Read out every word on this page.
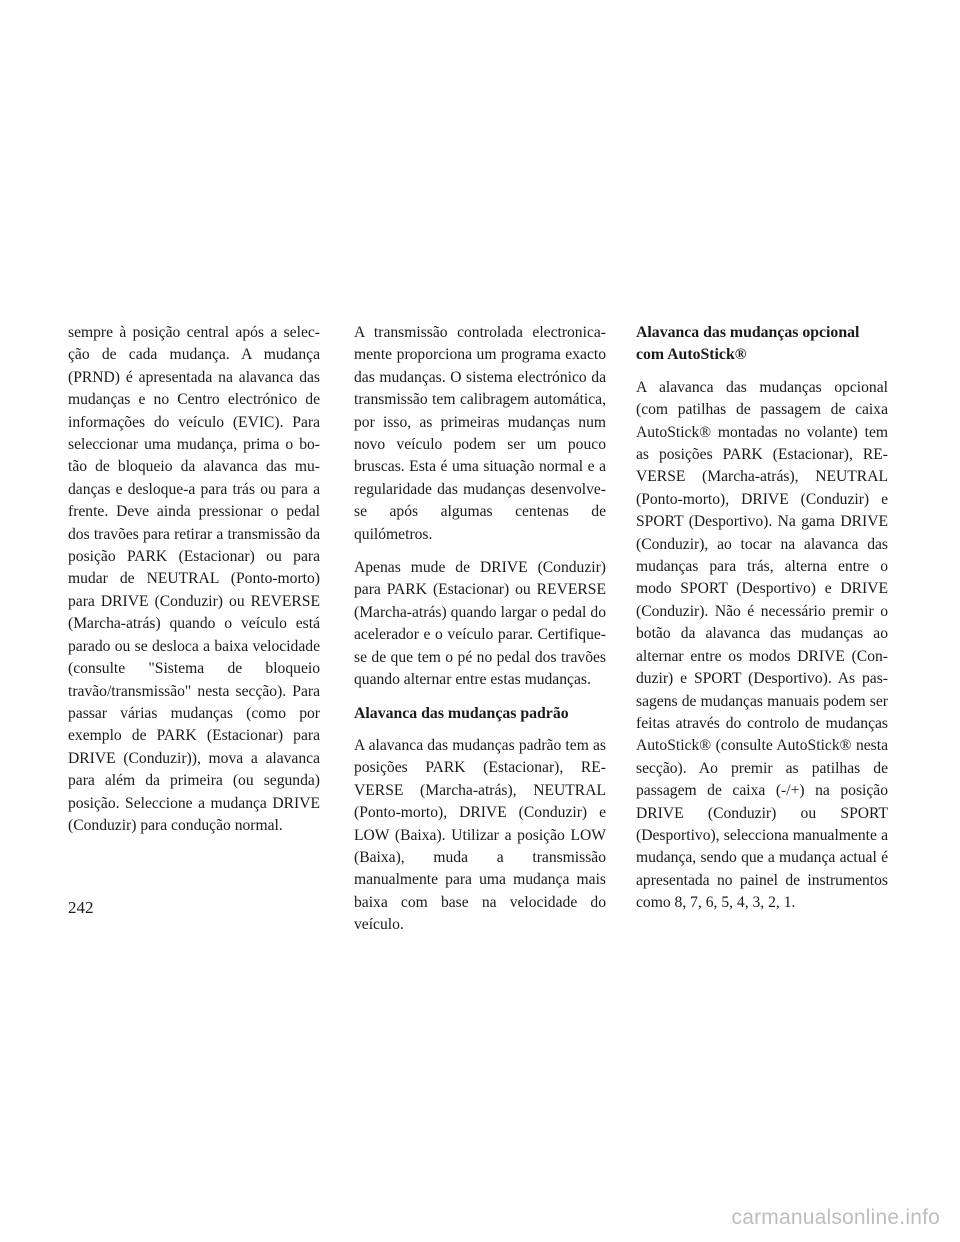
sempre à posição central após a selecção de cada mudança. A mudança (PRND) é apresentada na alavanca das mudanças e no Centro electrónico de informações do veículo (EVIC). Para seleccionar uma mudança, prima o botão de bloqueio da alavanca das mudanças e desloque-a para trás ou para a frente. Deve ainda pressionar o pedal dos travões para retirar a transmissão da posição PARK (Estacionar) ou para mudar de NEUTRAL (Ponto-morto) para DRIVE (Conduzir) ou REVERSE (Marcha-atrás) quando o veículo está parado ou se desloca a baixa velocidade (consulte "Sistema de bloqueio travão/transmissão" nesta secção). Para passar várias mudanças (como por exemplo de PARK (Estacionar) para DRIVE (Conduzir)), mova a alavanca para além da primeira (ou segunda) posição. Seleccione a mudança DRIVE (Conduzir) para condução normal.

A transmissão controlada electronicamente proporciona um programa exacto das mudanças. O sistema electrónico da transmissão tem calibragem automática, por isso, as primeiras mudanças num novo veículo podem ser um pouco bruscas. Esta é uma situação normal e a regularidade das mudanças desenvolve-se após algumas centenas de quilómetros.

Apenas mude de DRIVE (Conduzir) para PARK (Estacionar) ou REVERSE (Marcha-atrás) quando largar o pedal do acelerador e o veículo parar. Certifique-se de que tem o pé no pedal dos travões quando alternar entre estas mudanças.

Alavanca das mudanças padrão

A alavanca das mudanças padrão tem as posições PARK (Estacionar), REVERSE (Marcha-atrás), NEUTRAL (Ponto-morto), DRIVE (Conduzir) e LOW (Baixa). Utilizar a posição LOW (Baixa), muda a transmissão manualmente para uma mudança mais baixa com base na velocidade do veículo.

Alavanca das mudanças opcional com AutoStick®

A alavanca das mudanças opcional (com patilhas de passagem de caixa AutoStick® montadas no volante) tem as posições PARK (Estacionar), REVERSE (Marcha-atrás), NEUTRAL (Ponto-morto), DRIVE (Conduzir) e SPORT (Desportivo). Na gama DRIVE (Conduzir), ao tocar na alavanca das mudanças para trás, alterna entre o modo SPORT (Desportivo) e DRIVE (Conduzir). Não é necessário premir o botão da alavanca das mudanças ao alternar entre os modos DRIVE (Conduzir) e SPORT (Desportivo). As passagens de mudanças manuais podem ser feitas através do controlo de mudanças AutoStick® (consulte AutoStick® nesta secção). Ao premir as patilhas de passagem de caixa (-/+) na posição DRIVE (Conduzir) ou SPORT (Desportivo), selecciona manualmente a mudança, sendo que a mudança actual é apresentada no painel de instrumentos como 8, 7, 6, 5, 4, 3, 2, 1.

242
carmanualsonline.info
